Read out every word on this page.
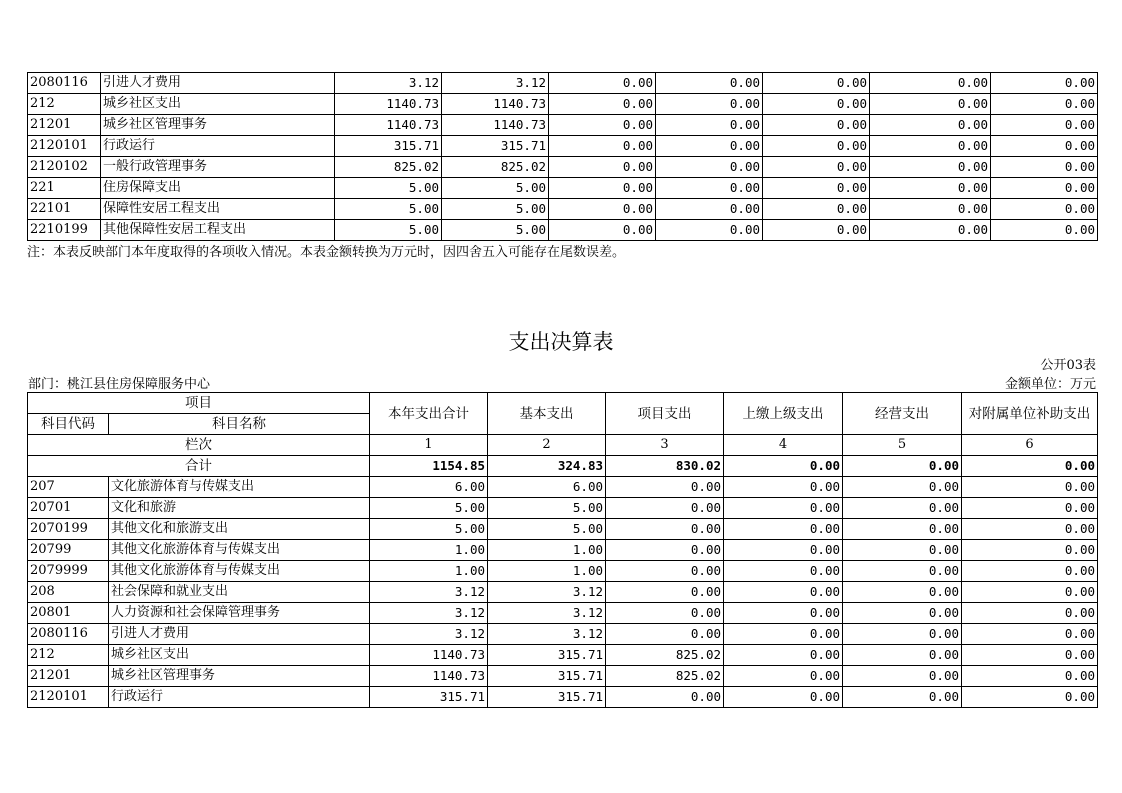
2080116	引进人才费用	3.12	3.12	0.00	0.00	0.00	0.00	0.00
212	城乡社区支出	1140.73	1140.73	0.00	0.00	0.00	0.00	0.00
21201	城乡社区管理事务	1140.73	1140.73	0.00	0.00	0.00	0.00	0.00
2120101	行政运行	315.71	315.71	0.00	0.00	0.00	0.00	0.00
2120102	一般行政管理事务	825.02	825.02	0.00	0.00	0.00	0.00	0.00
221	住房保障支出	5.00	5.00	0.00	0.00	0.00	0.00	0.00
22101	保障性安居工程支出	5.00	5.00	0.00	0.00	0.00	0.00	0.00
2210199	其他保障性安居工程支出	5.00	5.00	0.00	0.00	0.00	0.00	0.00
注：本表反映部门本年度取得的各项收入情况。本表金额转换为万元时，因四舍五入可能存在尾数误差。
支出决算表
公开03表
部门：桃江县住房保障服务中心	金额单位：万元
项目		本年支出合计	基本支出	项目支出	上缴上级支出	经营支出	对附属单位补助支出
科目代码	科目名称						
栏次		1	2	3	4	5	6
合计		1154.85	324.83	830.02	0.00	0.00	0.00
207	文化旅游体育与传媒支出	6.00	6.00	0.00	0.00	0.00	0.00
20701	文化和旅游	5.00	5.00	0.00	0.00	0.00	0.00
2070199	其他文化和旅游支出	5.00	5.00	0.00	0.00	0.00	0.00
20799	其他文化旅游体育与传媒支出	1.00	1.00	0.00	0.00	0.00	0.00
2079999	其他文化旅游体育与传媒支出	1.00	1.00	0.00	0.00	0.00	0.00
208	社会保障和就业支出	3.12	3.12	0.00	0.00	0.00	0.00
20801	人力资源和社会保障管理事务	3.12	3.12	0.00	0.00	0.00	0.00
2080116	引进人才费用	3.12	3.12	0.00	0.00	0.00	0.00
212	城乡社区支出	1140.73	315.71	825.02	0.00	0.00	0.00
21201	城乡社区管理事务	1140.73	315.71	825.02	0.00	0.00	0.00
2120101	行政运行	315.71	315.71	0.00	0.00	0.00	0.00
